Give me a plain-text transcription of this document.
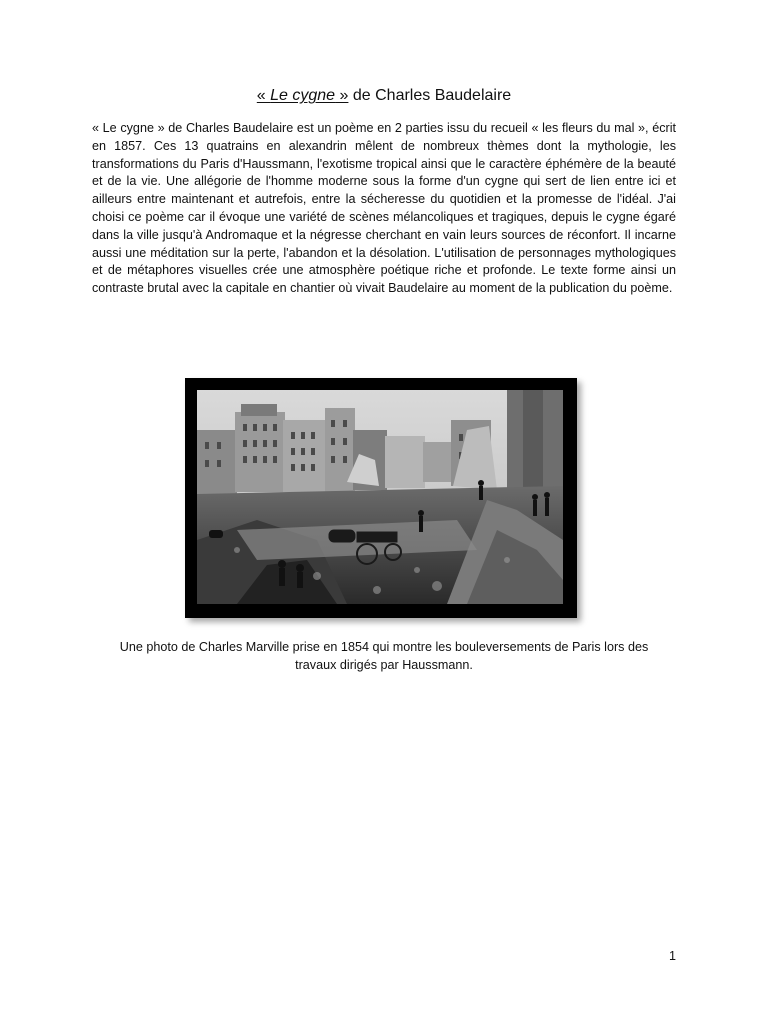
« Le cygne » de Charles Baudelaire

« Le cygne » de Charles Baudelaire est un poème en 2 parties issu du recueil « les fleurs du mal », écrit en 1857. Ces 13 quatrains en alexandrin mêlent de nombreux thèmes dont la mythologie, les transformations du Paris d'Haussmann, l'exotisme tropical ainsi que le caractère éphémère de la beauté et de la vie. Une allégorie de l'homme moderne sous la forme d'un cygne qui sert de lien entre ici et ailleurs entre maintenant et autrefois, entre la sécheresse du quotidien et la promesse de l'idéal. J'ai choisi ce poème car il évoque une variété de scènes mélancoliques et tragiques, depuis le cygne égaré dans la ville jusqu'à Andromaque et la négresse cherchant en vain leurs sources de réconfort. Il incarne aussi une méditation sur la perte, l'abandon et la désolation. L'utilisation de personnages mythologiques et de métaphores visuelles crée une atmosphère poétique riche et profonde. Le texte forme ainsi un contraste brutal avec la capitale en chantier où vivait Baudelaire au moment de la publication du poème.

Une photo de Charles Marville prise en 1854 qui montre les bouleversements de Paris lors des travaux dirigés par Haussmann.

1
